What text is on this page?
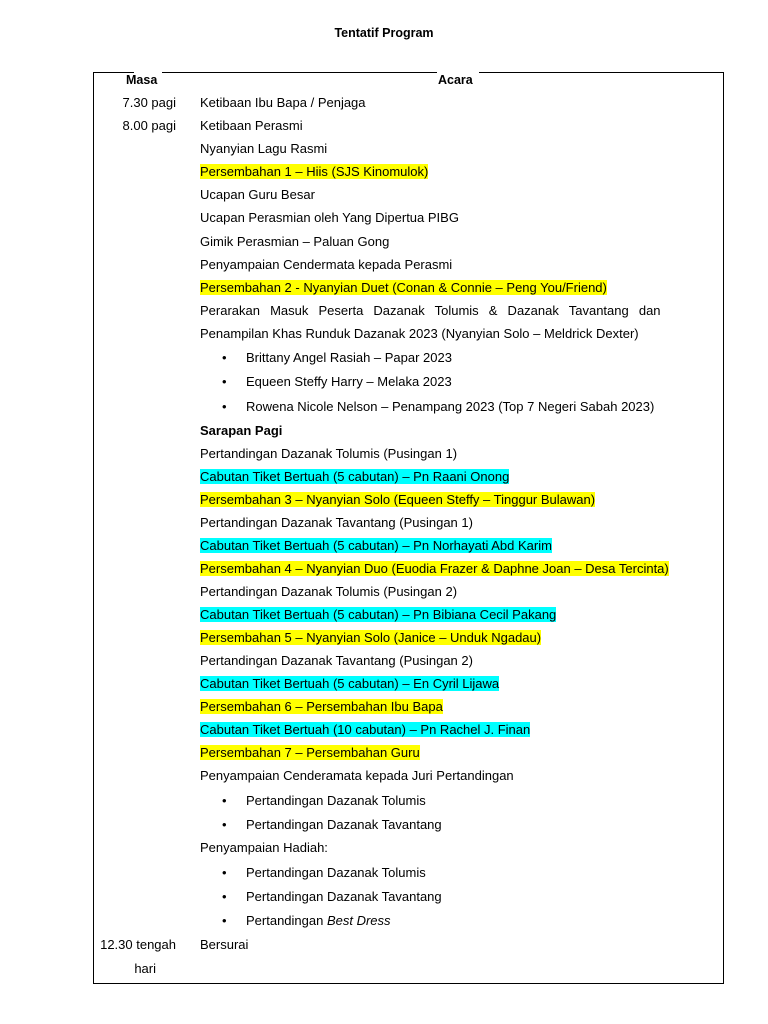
Tentatif Program
Masa	Acara
7.30 pagi
8.00 pagi
12.30 tengah
hari
Ketibaan Ibu Bapa / Penjaga
Ketibaan Perasmi
Nyanyian Lagu Rasmi
Persembahan 1 – Hiis (SJS Kinomulok)
Ucapan Guru Besar
Ucapan Perasmian oleh Yang Dipertua PIBG
Gimik Perasmian – Paluan Gong
Penyampaian Cendermata kepada Perasmi
Persembahan 2 - Nyanyian Duet (Conan & Connie – Peng You/Friend)
Perarakan Masuk Peserta Dazanak Tolumis & Dazanak Tavantang dan
Penampilan Khas Runduk Dazanak 2023 (Nyanyian Solo – Meldrick Dexter)
• Brittany Angel Rasiah – Papar 2023
• Equeen Steffy Harry – Melaka 2023
• Rowena Nicole Nelson – Penampang 2023 (Top 7 Negeri Sabah 2023)
Sarapan Pagi
Pertandingan Dazanak Tolumis (Pusingan 1)
Cabutan Tiket Bertuah (5 cabutan) – Pn Raani Onong
Persembahan 3 – Nyanyian Solo (Equeen Steffy – Tinggur Bulawan)
Pertandingan Dazanak Tavantang (Pusingan 1)
Cabutan Tiket Bertuah (5 cabutan) – Pn Norhayati Abd Karim
Persembahan 4 – Nyanyian Duo (Euodia Frazer & Daphne Joan – Desa Tercinta)
Pertandingan Dazanak Tolumis (Pusingan 2)
Cabutan Tiket Bertuah (5 cabutan) – Pn Bibiana Cecil Pakang
Persembahan 5 – Nyanyian Solo (Janice – Unduk Ngadau)
Pertandingan Dazanak Tavantang (Pusingan 2)
Cabutan Tiket Bertuah (5 cabutan) – En Cyril Lijawa
Persembahan 6 – Persembahan Ibu Bapa
Cabutan Tiket Bertuah (10 cabutan) – Pn Rachel J. Finan
Persembahan 7 – Persembahan Guru
Penyampaian Cenderamata kepada Juri Pertandingan
• Pertandingan Dazanak Tolumis
• Pertandingan Dazanak Tavantang
Penyampaian Hadiah:
• Pertandingan Dazanak Tolumis
• Pertandingan Dazanak Tavantang
• Pertandingan Best Dress
Bersurai
